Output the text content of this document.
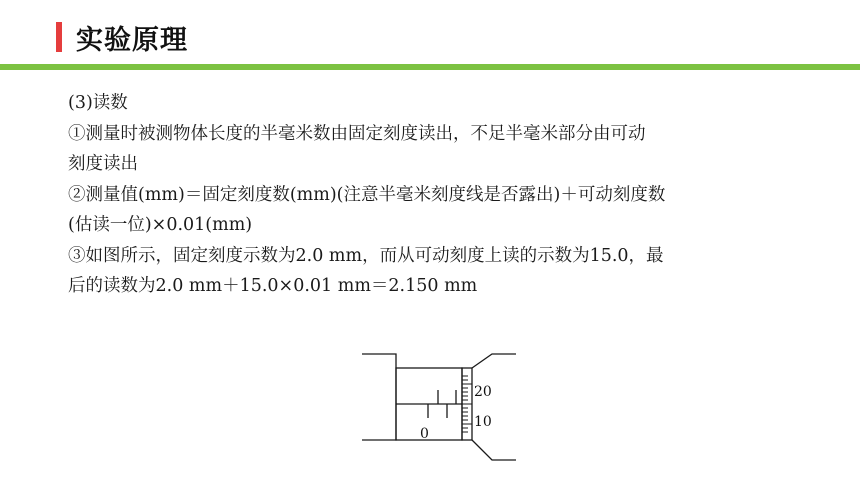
实验原理

(3)读数

①测量时被测物体长度的半毫米数由固定刻度读出，不足半毫米部分由可动

刻度读出

②测量值(mm)＝固定刻度数(mm)(注意半毫米刻度线是否露出)＋可动刻度数

(估读一位)×0.01(mm)

③如图所示，固定刻度示数为2.0 mm，而从可动刻度上读的示数为15.0，最

后的读数为2.0 mm＋15.0×0.01 mm＝2.150 mm

0
20
10
